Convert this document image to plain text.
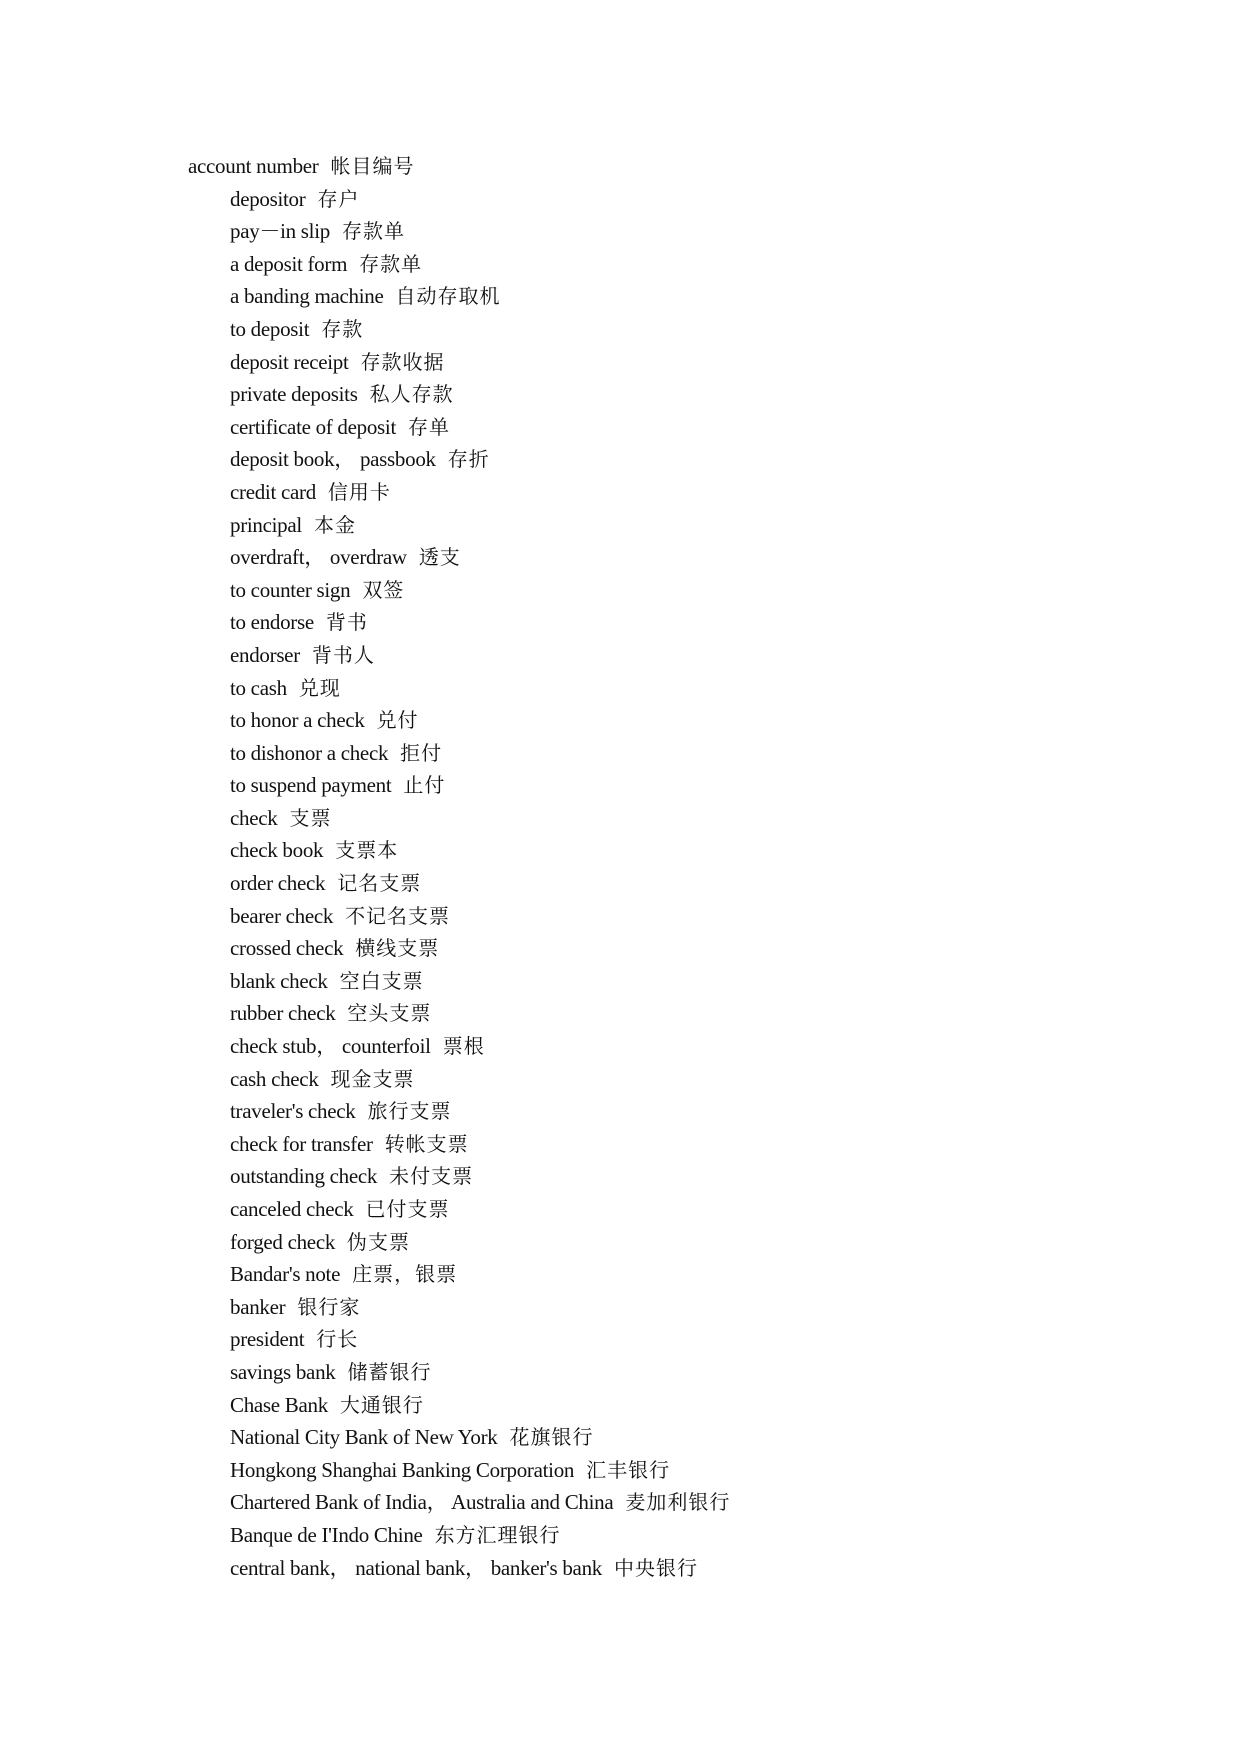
account number 帐目编号
depositor 存户
pay－in slip 存款单
a deposit form 存款单
a banding machine 自动存取机
to deposit 存款
deposit receipt 存款收据
private deposits 私人存款
certificate of deposit 存单
deposit book， passbook 存折
credit card 信用卡
principal 本金
overdraft， overdraw 透支
to counter sign 双签
to endorse 背书
endorser 背书人
to cash 兑现
to honor a check 兑付
to dishonor a check 拒付
to suspend payment 止付
check 支票
check book 支票本
order check 记名支票
bearer check 不记名支票
crossed check 横线支票
blank check 空白支票
rubber check 空头支票
check stub， counterfoil 票根
cash check 现金支票
traveler's check 旅行支票
check for transfer 转帐支票
outstanding check 未付支票
canceled check 已付支票
forged check 伪支票
Bandar's note 庄票，银票
banker 银行家
president 行长
savings bank 储蓄银行
Chase Bank 大通银行
National City Bank of New York 花旗银行
Hongkong Shanghai Banking Corporation 汇丰银行
Chartered Bank of India， Australia and China 麦加利银行
Banque de I'Indo Chine 东方汇理银行
central bank， national bank， banker's bank 中央银行
